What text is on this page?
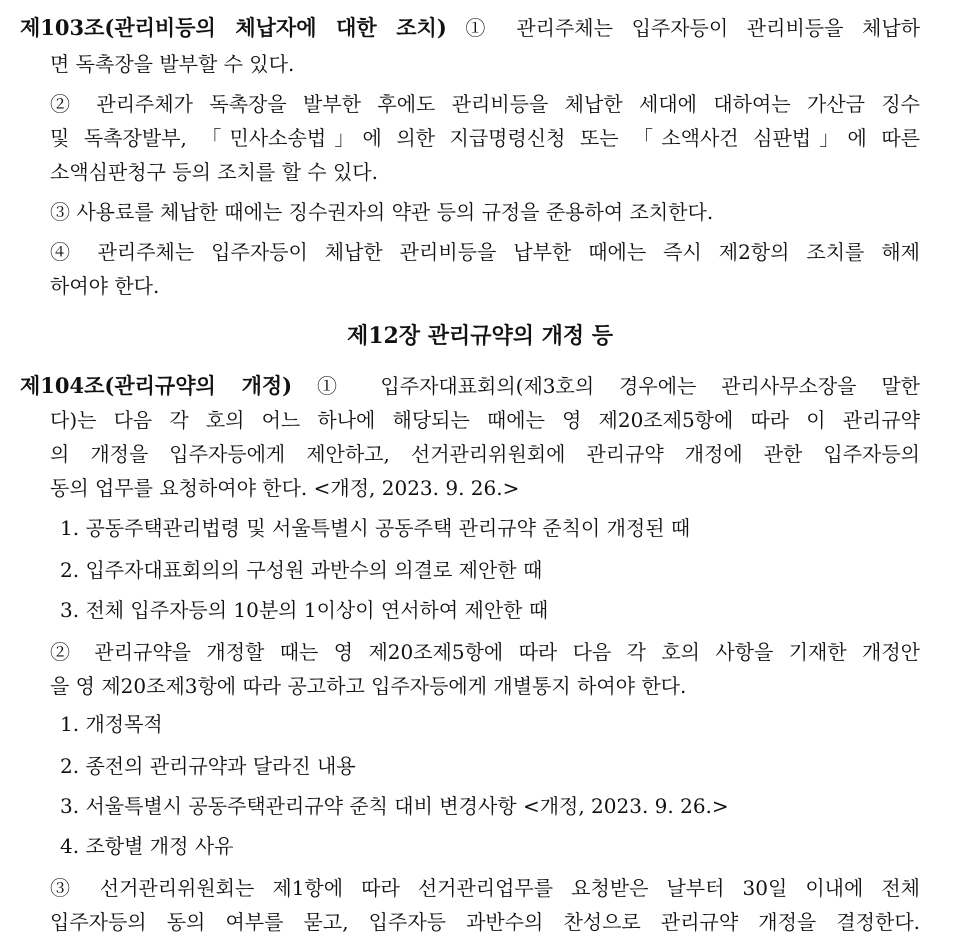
제103조(관리비등의 체납자에 대한 조치) ① 관리주체는 입주자등이 관리비등을 체납하
면 독촉장을 발부할 수 있다.
② 관리주체가 독촉장을 발부한 후에도 관리비등을 체납한 세대에 대하여는 가산금 징수
및 독촉장발부, 「민사소송법」에 의한 지급명령신청 또는 「소액사건 심판법」에 따른
소액심판청구 등의 조치를 할 수 있다.
③ 사용료를 체납한 때에는 징수권자의 약관 등의 규정을 준용하여 조치한다.
④ 관리주체는 입주자등이 체납한 관리비등을 납부한 때에는 즉시 제2항의 조치를 해제
하여야 한다.
제12장 관리규약의 개정 등
제104조(관리규약의 개정) ① 입주자대표회의(제3호의 경우에는 관리사무소장을 말한
다)는 다음 각 호의 어느 하나에 해당되는 때에는 영 제20조제5항에 따라 이 관리규약
의 개정을 입주자등에게 제안하고, 선거관리위원회에 관리규약 개정에 관한 입주자등의
동의 업무를 요청하여야 한다. <개정, 2023. 9. 26.>
1. 공동주택관리법령 및 서울특별시 공동주택 관리규약 준칙이 개정된 때
2. 입주자대표회의의 구성원 과반수의 의결로 제안한 때
3. 전체 입주자등의 10분의 1이상이 연서하여 제안한 때
② 관리규약을 개정할 때는 영 제20조제5항에 따라 다음 각 호의 사항을 기재한 개정안
을 영 제20조제3항에 따라 공고하고 입주자등에게 개별통지 하여야 한다.
1. 개정목적
2. 종전의 관리규약과 달라진 내용
3. 서울특별시 공동주택관리규약 준칙 대비 변경사항 <개정, 2023. 9. 26.>
4. 조항별 개정 사유
③ 선거관리위원회는 제1항에 따라 선거관리업무를 요청받은 날부터 30일 이내에 전체
입주자등의 동의 여부를 묻고, 입주자등 과반수의 찬성으로 관리규약 개정을 결정한다.
